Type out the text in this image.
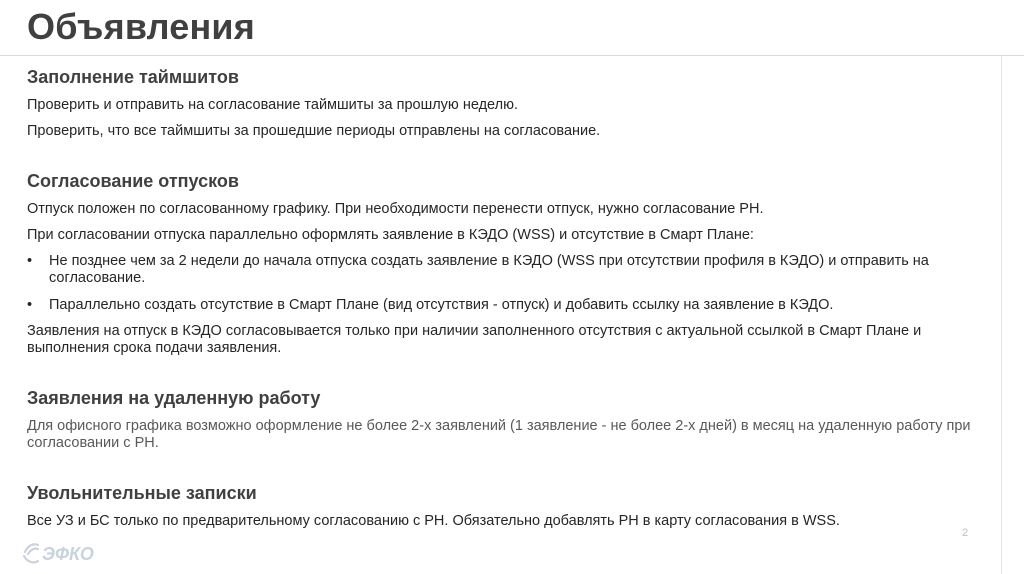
Объявления
Заполнение таймшитов

Проверить и отправить на согласование таймшиты за прошлую неделю.

Проверить, что все таймшиты за прошедшие периоды отправлены на согласование.

Согласование отпусков

Отпуск положен по согласованному графику. При необходимости перенести отпуск, нужно согласование РН.

При согласовании отпуска параллельно оформлять заявление в КЭДО (WSS) и отсутствие в Смарт Плане:

• Не позднее чем за 2 недели до начала отпуска создать заявление в КЭДО (WSS при отсутствии профиля в КЭДО) и отправить на согласование.
• Параллельно создать отсутствие в Смарт Плане (вид отсутствия - отпуск) и добавить ссылку на заявление в КЭДО.

Заявления на отпуск в КЭДО согласовывается только при наличии заполненного отсутствия с актуальной ссылкой в Смарт Плане и выполнения срока подачи заявления.

Заявления на удаленную работу

Для офисного графика возможно оформление не более 2-х заявлений (1 заявление - не более 2-х дней) в месяц на удаленную работу при согласовании с РН.

Увольнительные записки

Все УЗ и БС только по предварительному согласованию с РН. Обязательно добавлять РН в карту согласования в WSS.

ЭФКО
2
